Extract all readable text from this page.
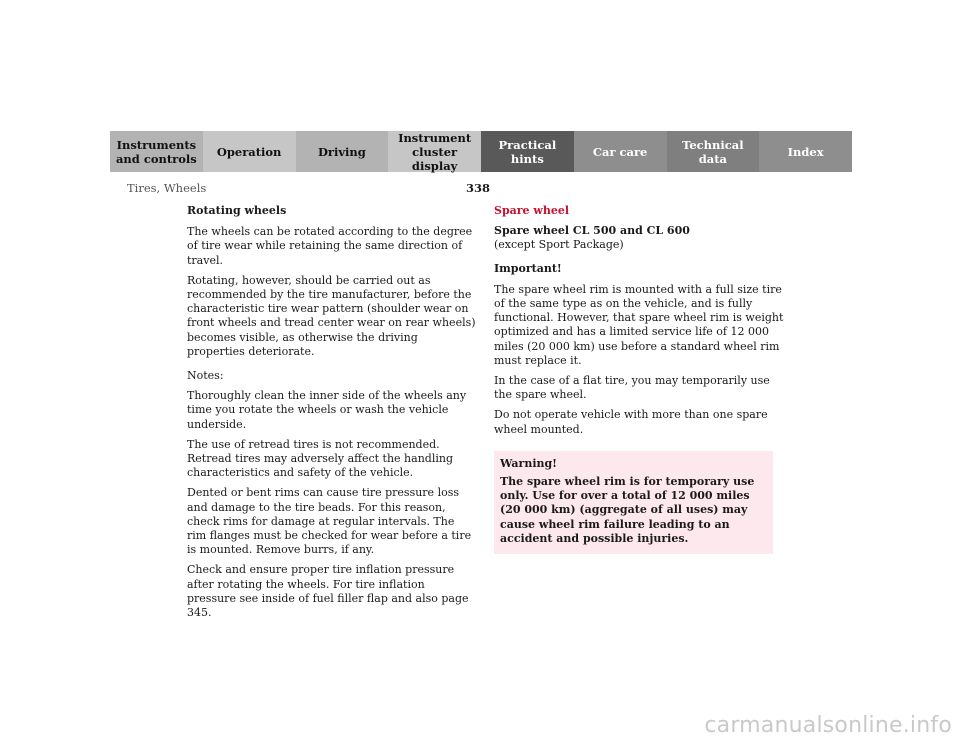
Instruments
and controls Operation	Driving
Instrument
cluster display
Practical hints	Car care	Technical
data	Index
Tires, Wheels	338
Rotating wheels

The wheels can be rotated according to the degree of tire wear while retaining the same direction of travel.

Rotating, however, should be carried out as recommended by the tire manufacturer, before the characteristic tire wear pattern (shoulder wear on front wheels and tread center wear on rear wheels) becomes visible, as otherwise the driving properties deteriorate.

Notes:

Thoroughly clean the inner side of the wheels any time you rotate the wheels or wash the vehicle underside.

The use of retread tires is not recommended. Retread tires may adversely affect the handling characteristics and safety of the vehicle.

Dented or bent rims can cause tire pressure loss and damage to the tire beads. For this reason, check rims for damage at regular intervals. The rim flanges must be checked for wear before a tire is mounted. Remove burrs, if any.

Check and ensure proper tire inflation pressure after rotating the wheels. For tire inflation pressure see inside of fuel filler flap and also page 345.

Spare wheel

Spare wheel CL 500 and CL 600

(except Sport Package)

Important!

The spare wheel rim is mounted with a full size tire of the same type as on the vehicle, and is fully functional. However, that spare wheel rim is weight optimized and has a limited service life of 12 000 miles (20 000 km) use before a standard wheel rim must replace it.

In the case of a flat tire, you may temporarily use the spare wheel.

Do not operate vehicle with more than one spare wheel mounted.

Warning!

The spare wheel rim is for temporary use only. Use for over a total of 12 000 miles (20 000 km) (aggregate of all uses) may cause wheel rim failure leading to an accident and possible injuries.

carmanualsonline.info
